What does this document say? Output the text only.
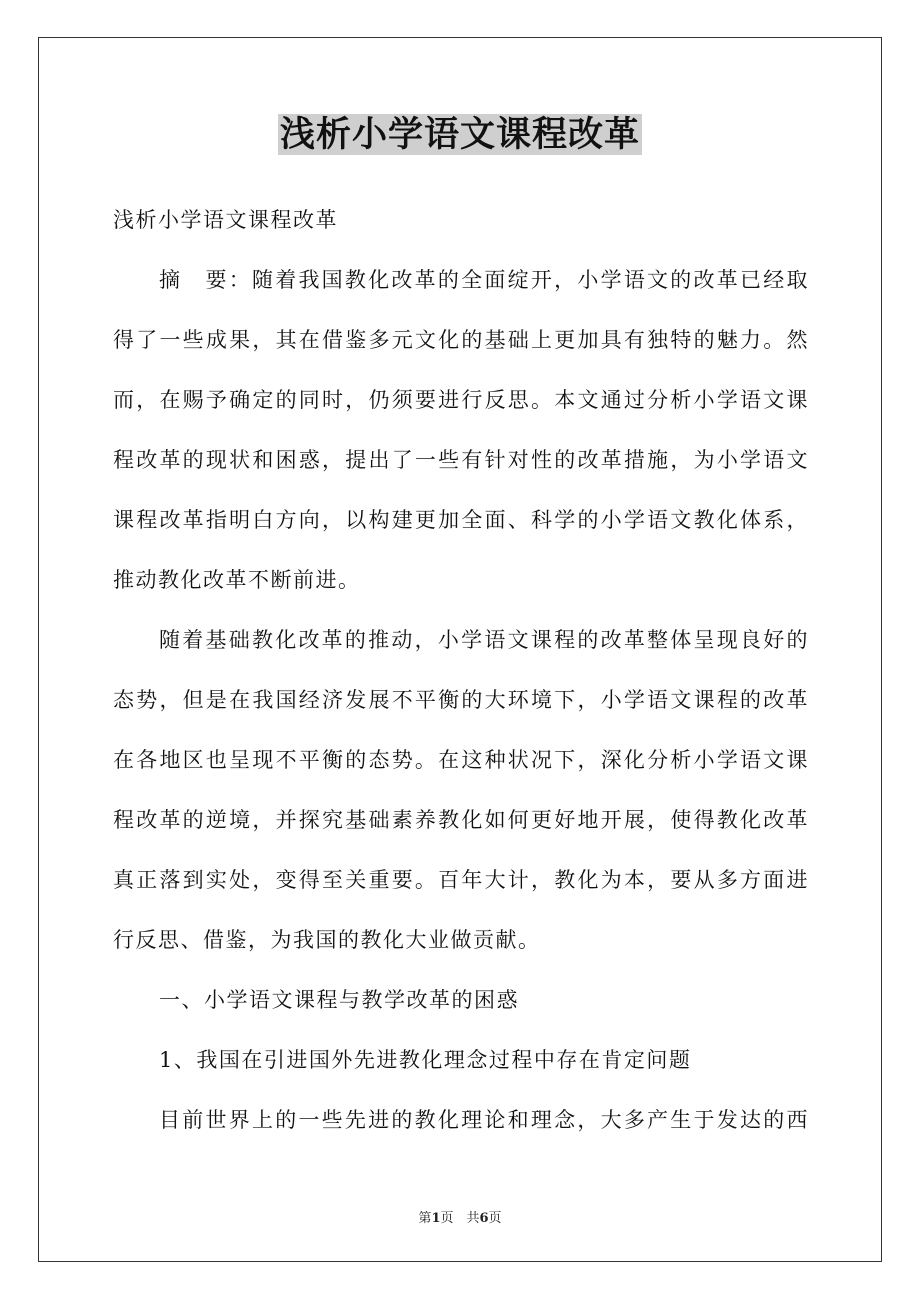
浅析小学语文课程改革
浅析小学语文课程改革
摘　要：随着我国教化改革的全面绽开，小学语文的改革已经取
得了一些成果，其在借鉴多元文化的基础上更加具有独特的魅力。然
而，在赐予确定的同时，仍须要进行反思。本文通过分析小学语文课
程改革的现状和困惑，提出了一些有针对性的改革措施，为小学语文
课程改革指明白方向，以构建更加全面、科学的小学语文教化体系，
推动教化改革不断前进。
随着基础教化改革的推动，小学语文课程的改革整体呈现良好的
态势，但是在我国经济发展不平衡的大环境下，小学语文课程的改革
在各地区也呈现不平衡的态势。在这种状况下，深化分析小学语文课
程改革的逆境，并探究基础素养教化如何更好地开展，使得教化改革
真正落到实处，变得至关重要。百年大计，教化为本，要从多方面进
行反思、借鉴，为我国的教化大业做贡献。
一、小学语文课程与教学改革的困惑
1、我国在引进国外先进教化理念过程中存在肯定问题
目前世界上的一些先进的教化理论和理念，大多产生于发达的西
第1页　共6页
